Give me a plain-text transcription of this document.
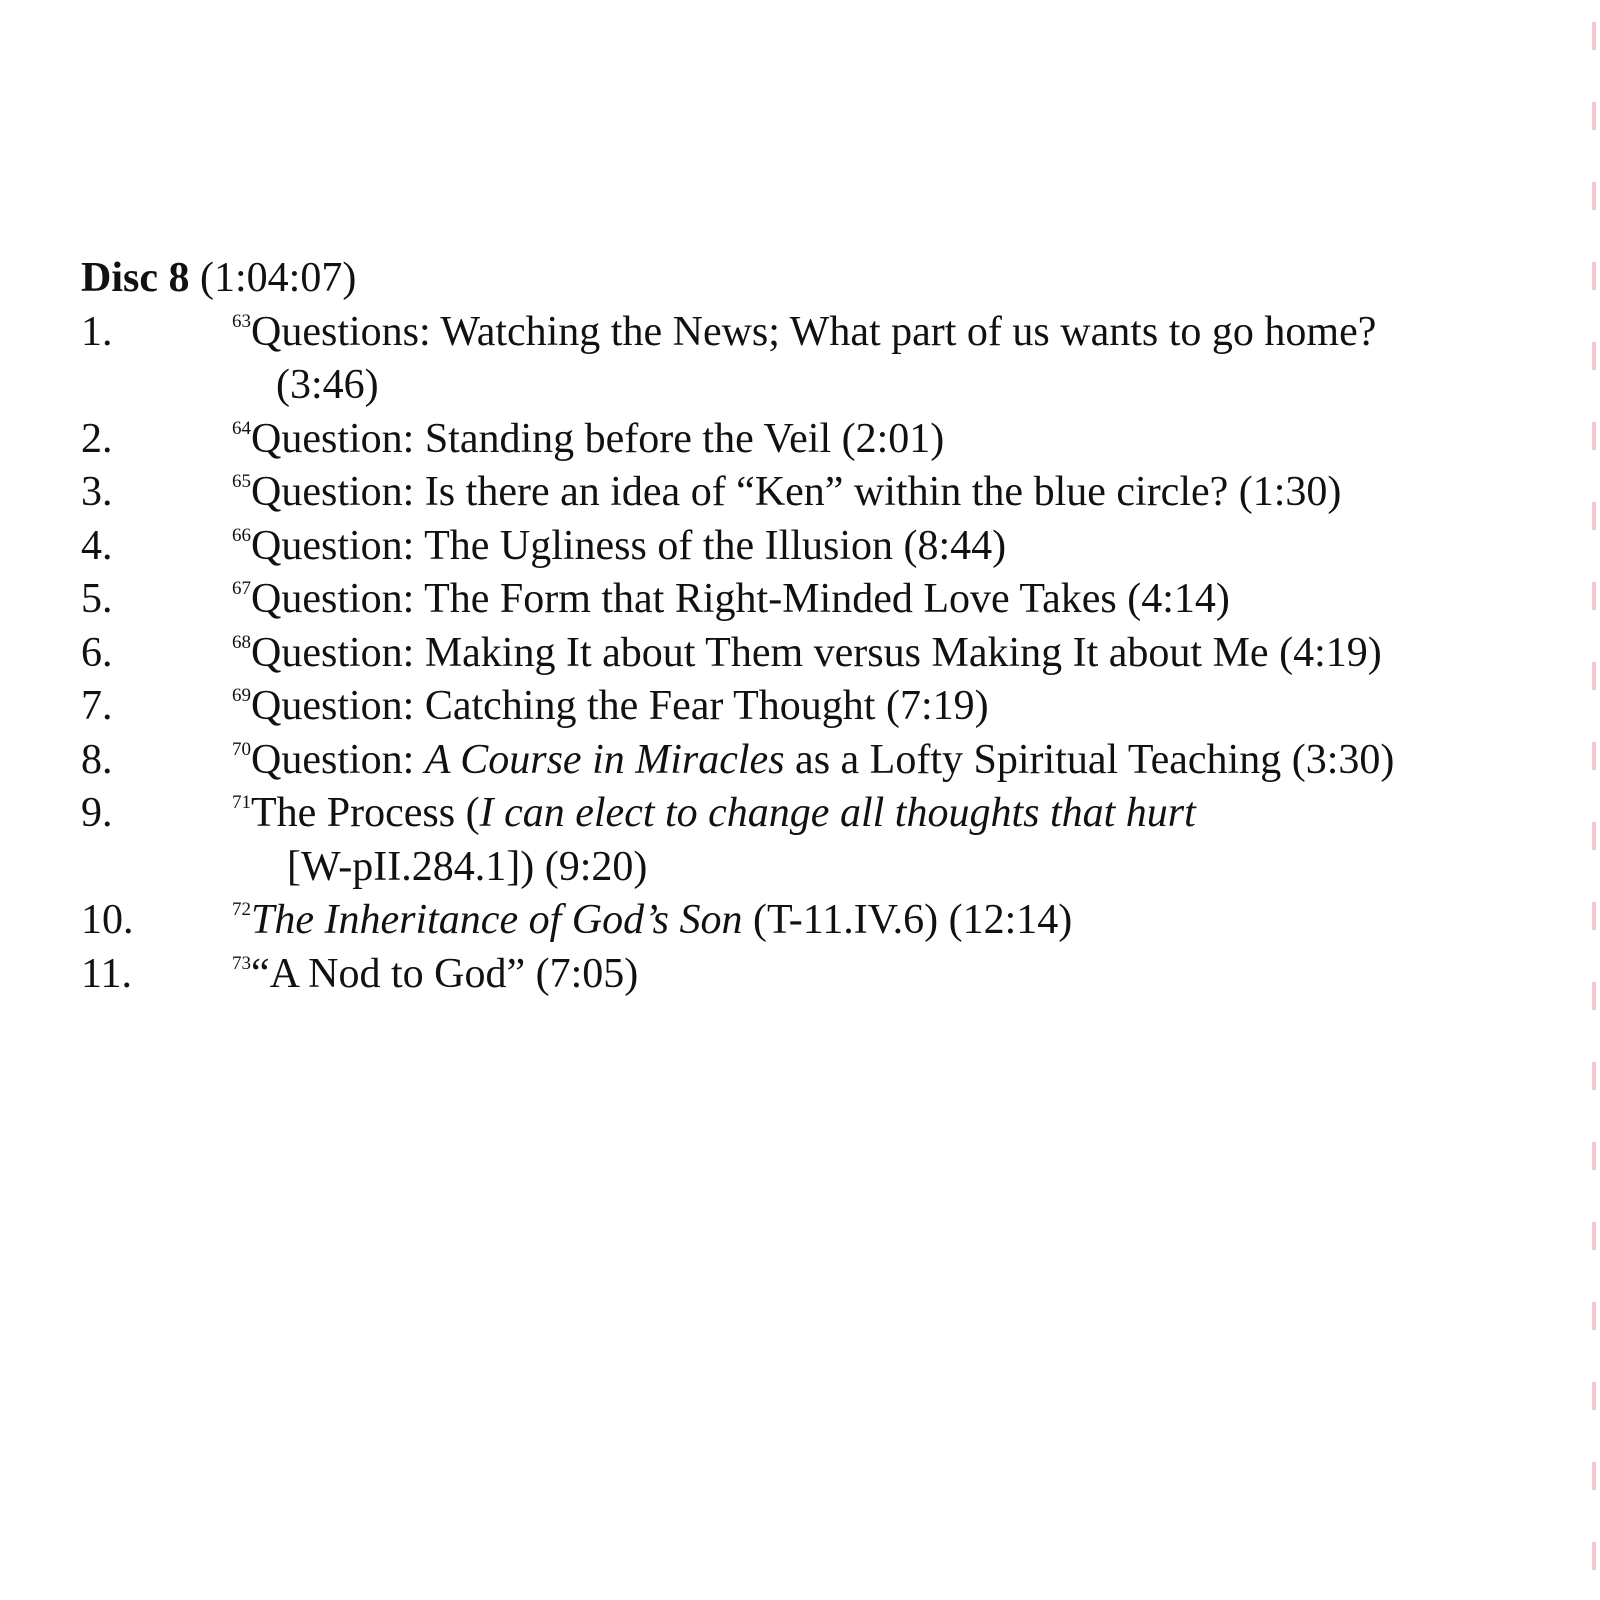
Disc 8 (1:04:07)
1.	$^{63}$Questions: Watching the News; What part of us wants to go home?
(3:46)
2.	$^{64}$Question: Standing before the Veil (2:01)
3.	$^{65}$Question: Is there an idea of “Ken” within the blue circle? (1:30)
4.	$^{66}$Question: The Ugliness of the Illusion (8:44)
5.	$^{67}$Question: The Form that Right-Minded Love Takes (4:14)
6.	$^{68}$Question: Making It about Them versus Making It about Me (4:19)
7.	$^{69}$Question: Catching the Fear Thought (7:19)
8.	$^{70}$Question: A Course in Miracles as a Lofty Spiritual Teaching (3:30)
9.	$^{71}$The Process (I can elect to change all thoughts that hurt
[W-pII.284.1]) (9:20)
10.	$^{72}$The Inheritance of God’s Son (T-11.IV.6) (12:14)
11.	$^{73}$“A Nod to God” (7:05)
